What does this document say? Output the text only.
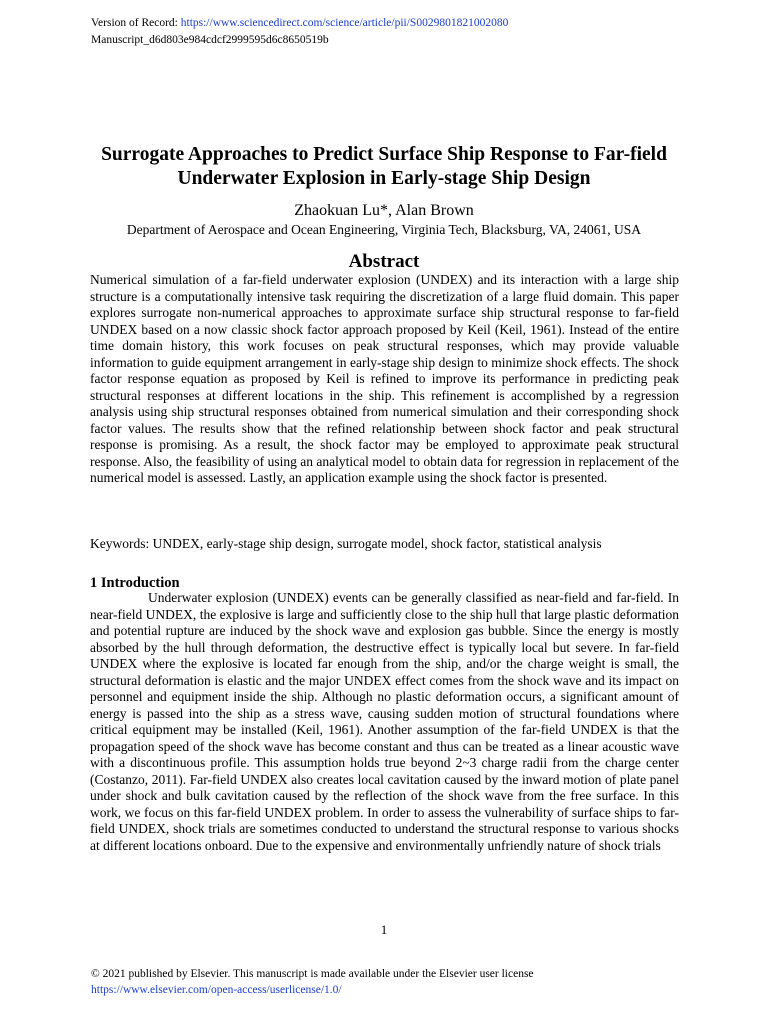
Version of Record: https://www.sciencedirect.com/science/article/pii/S0029801821002080
Manuscript_d6d803e984cdcf2999595d6c8650519b
Surrogate Approaches to Predict Surface Ship Response to Far-field Underwater Explosion in Early-stage Ship Design
Zhaokuan Lu*, Alan Brown
Department of Aerospace and Ocean Engineering, Virginia Tech, Blacksburg, VA, 24061, USA
Abstract

Numerical simulation of a far-field underwater explosion (UNDEX) and its interaction with a large ship structure is a computationally intensive task requiring the discretization of a large fluid domain. This paper explores surrogate non-numerical approaches to approximate surface ship structural response to far-field UNDEX based on a now classic shock factor approach proposed by Keil (Keil, 1961). Instead of the entire time domain history, this work focuses on peak structural responses, which may provide valuable information to guide equipment arrangement in early-stage ship design to minimize shock effects. The shock factor response equation as proposed by Keil is refined to improve its performance in predicting peak structural responses at different locations in the ship. This refinement is accomplished by a regression analysis using ship structural responses obtained from numerical simulation and their corresponding shock factor values. The results show that the refined relationship between shock factor and peak structural response is promising. As a result, the shock factor may be employed to approximate peak structural response. Also, the feasibility of using an analytical model to obtain data for regression in replacement of the numerical model is assessed. Lastly, an application example using the shock factor is presented.

Keywords: UNDEX, early-stage ship design, surrogate model, shock factor, statistical analysis
1 Introduction

Underwater explosion (UNDEX) events can be generally classified as near-field and far-field. In near-field UNDEX, the explosive is large and sufficiently close to the ship hull that large plastic deformation and potential rupture are induced by the shock wave and explosion gas bubble. Since the energy is mostly absorbed by the hull through deformation, the destructive effect is typically local but severe. In far-field UNDEX where the explosive is located far enough from the ship, and/or the charge weight is small, the structural deformation is elastic and the major UNDEX effect comes from the shock wave and its impact on personnel and equipment inside the ship. Although no plastic deformation occurs, a significant amount of energy is passed into the ship as a stress wave, causing sudden motion of structural foundations where critical equipment may be installed (Keil, 1961). Another assumption of the far-field UNDEX is that the propagation speed of the shock wave has become constant and thus can be treated as a linear acoustic wave with a discontinuous profile. This assumption holds true beyond 2~3 charge radii from the charge center (Costanzo, 2011). Far-field UNDEX also creates local cavitation caused by the inward motion of plate panel under shock and bulk cavitation caused by the reflection of the shock wave from the free surface. In this work, we focus on this far-field UNDEX problem. In order to assess the vulnerability of surface ships to far-field UNDEX, shock trials are sometimes conducted to understand the structural response to various shocks at different locations onboard. Due to the expensive and environmentally unfriendly nature of shock trials

1
© 2021 published by Elsevier. This manuscript is made available under the Elsevier user license
https://www.elsevier.com/open-access/userlicense/1.0/
